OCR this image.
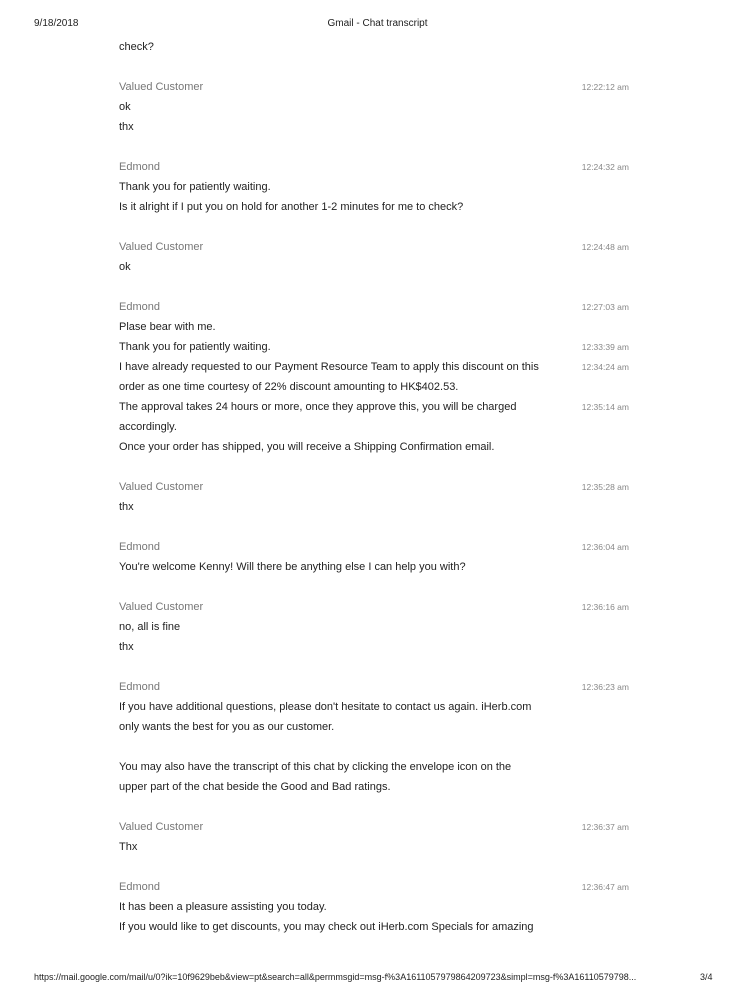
9/18/2018	Gmail - Chat transcript
check?
Valued Customer	12:22:12 am
ok
thx
Edmond	12:24:32 am
Thank you for patiently waiting.
Is it alright if I put you on hold for another 1-2 minutes for me to check?
Valued Customer	12:24:48 am
ok
Edmond	12:27:03 am
Plase bear with me.
Thank you for patiently waiting.	12:33:39 am
I have already requested to our Payment Resource Team to apply this discount on this	12:34:24 am
order as one time courtesy of 22% discount amounting to HK$402.53.
The approval takes 24 hours or more, once they approve this, you will be charged	12:35:14 am
accordingly.
Once your order has shipped, you will receive a Shipping Confirmation email.
Valued Customer	12:35:28 am
thx
Edmond	12:36:04 am
You're welcome Kenny! Will there be anything else I can help you with?
Valued Customer	12:36:16 am
no, all is fine
thx
Edmond	12:36:23 am
If you have additional questions, please don't hesitate to contact us again. iHerb.com
only wants the best for you as our customer.
You may also have the transcript of this chat by clicking the envelope icon on the
upper part of the chat beside the Good and Bad ratings.
Valued Customer	12:36:37 am
Thx
Edmond	12:36:47 am
It has been a pleasure assisting you today.
If you would like to get discounts, you may check out iHerb.com Specials for amazing
https://mail.google.com/mail/u/0?ik=10f9629beb&view=pt&search=all&permmsgid=msg-f%3A1611057979864209723&simpl=msg-f%3A16110579798...	3/4
